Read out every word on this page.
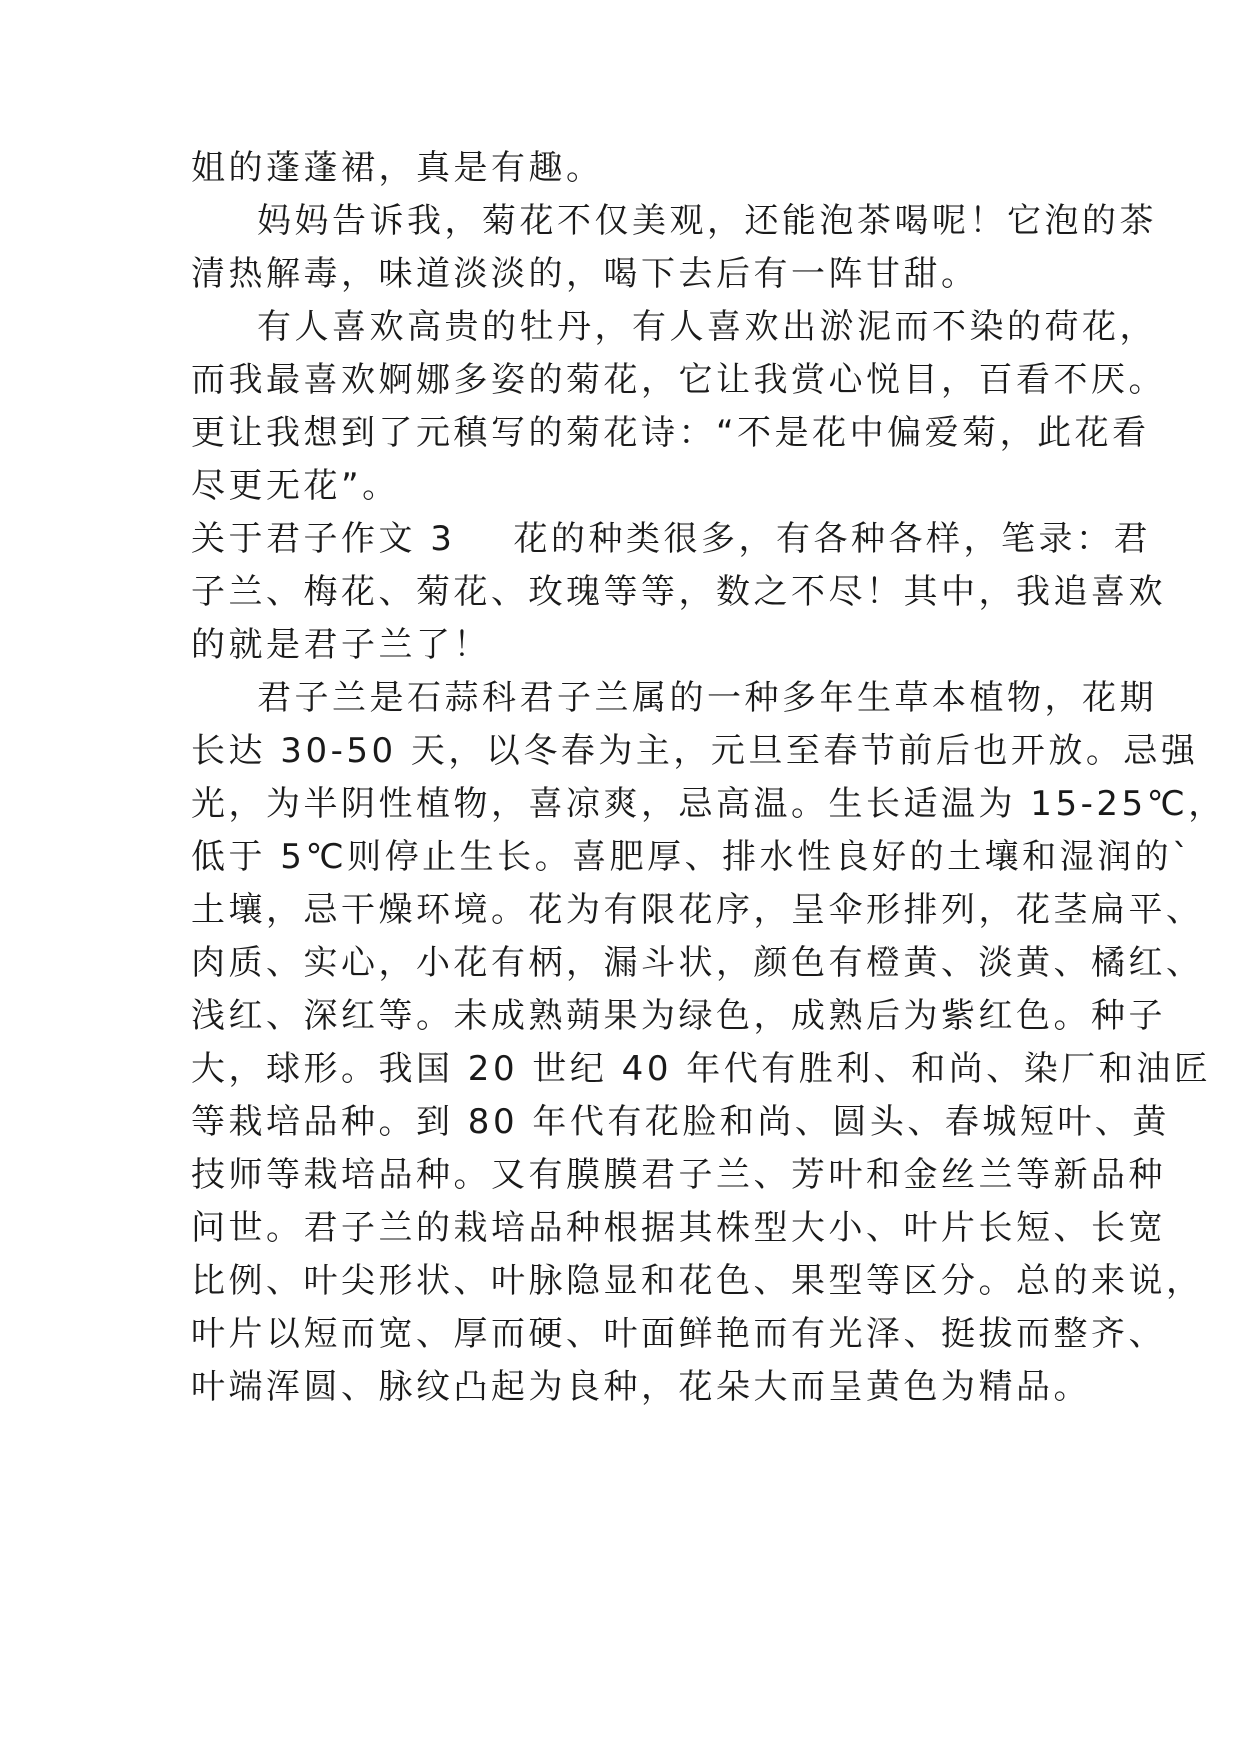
姐的蓬蓬裙，真是有趣。
妈妈告诉我，菊花不仅美观，还能泡茶喝呢！它泡的茶
清热解毒，味道淡淡的，喝下去后有一阵甘甜。
有人喜欢高贵的牡丹，有人喜欢出淤泥而不染的荷花，
而我最喜欢婀娜多姿的菊花，它让我赏心悦目，百看不厌。
更让我想到了元稹写的菊花诗：“不是花中偏爱菊，此花看
尽更无花”。
关于君子作文 3 花的种类很多，有各种各样，笔录：君
子兰、梅花、菊花、玫瑰等等，数之不尽！其中，我追喜欢
的就是君子兰了！
君子兰是石蒜科君子兰属的一种多年生草本植物，花期
长达 30-50 天，以冬春为主，元旦至春节前后也开放。忌强
光，为半阴性植物，喜凉爽，忌高温。生长适温为 15-25℃，
低于 5℃则停止生长。喜肥厚、排水性良好的土壤和湿润的`
土壤，忌干燥环境。花为有限花序，呈伞形排列，花茎扁平、
肉质、实心，小花有柄，漏斗状，颜色有橙黄、淡黄、橘红、
浅红、深红等。未成熟蒴果为绿色，成熟后为紫红色。种子
大，球形。我国 20 世纪 40 年代有胜利、和尚、染厂和油匠
等栽培品种。到 80 年代有花脸和尚、圆头、春城短叶、黄
技师等栽培品种。又有膜膜君子兰、芳叶和金丝兰等新品种
问世。君子兰的栽培品种根据其株型大小、叶片长短、长宽
比例、叶尖形状、叶脉隐显和花色、果型等区分。总的来说，
叶片以短而宽、厚而硬、叶面鲜艳而有光泽、挺拔而整齐、
叶端浑圆、脉纹凸起为良种，花朵大而呈黄色为精品。
